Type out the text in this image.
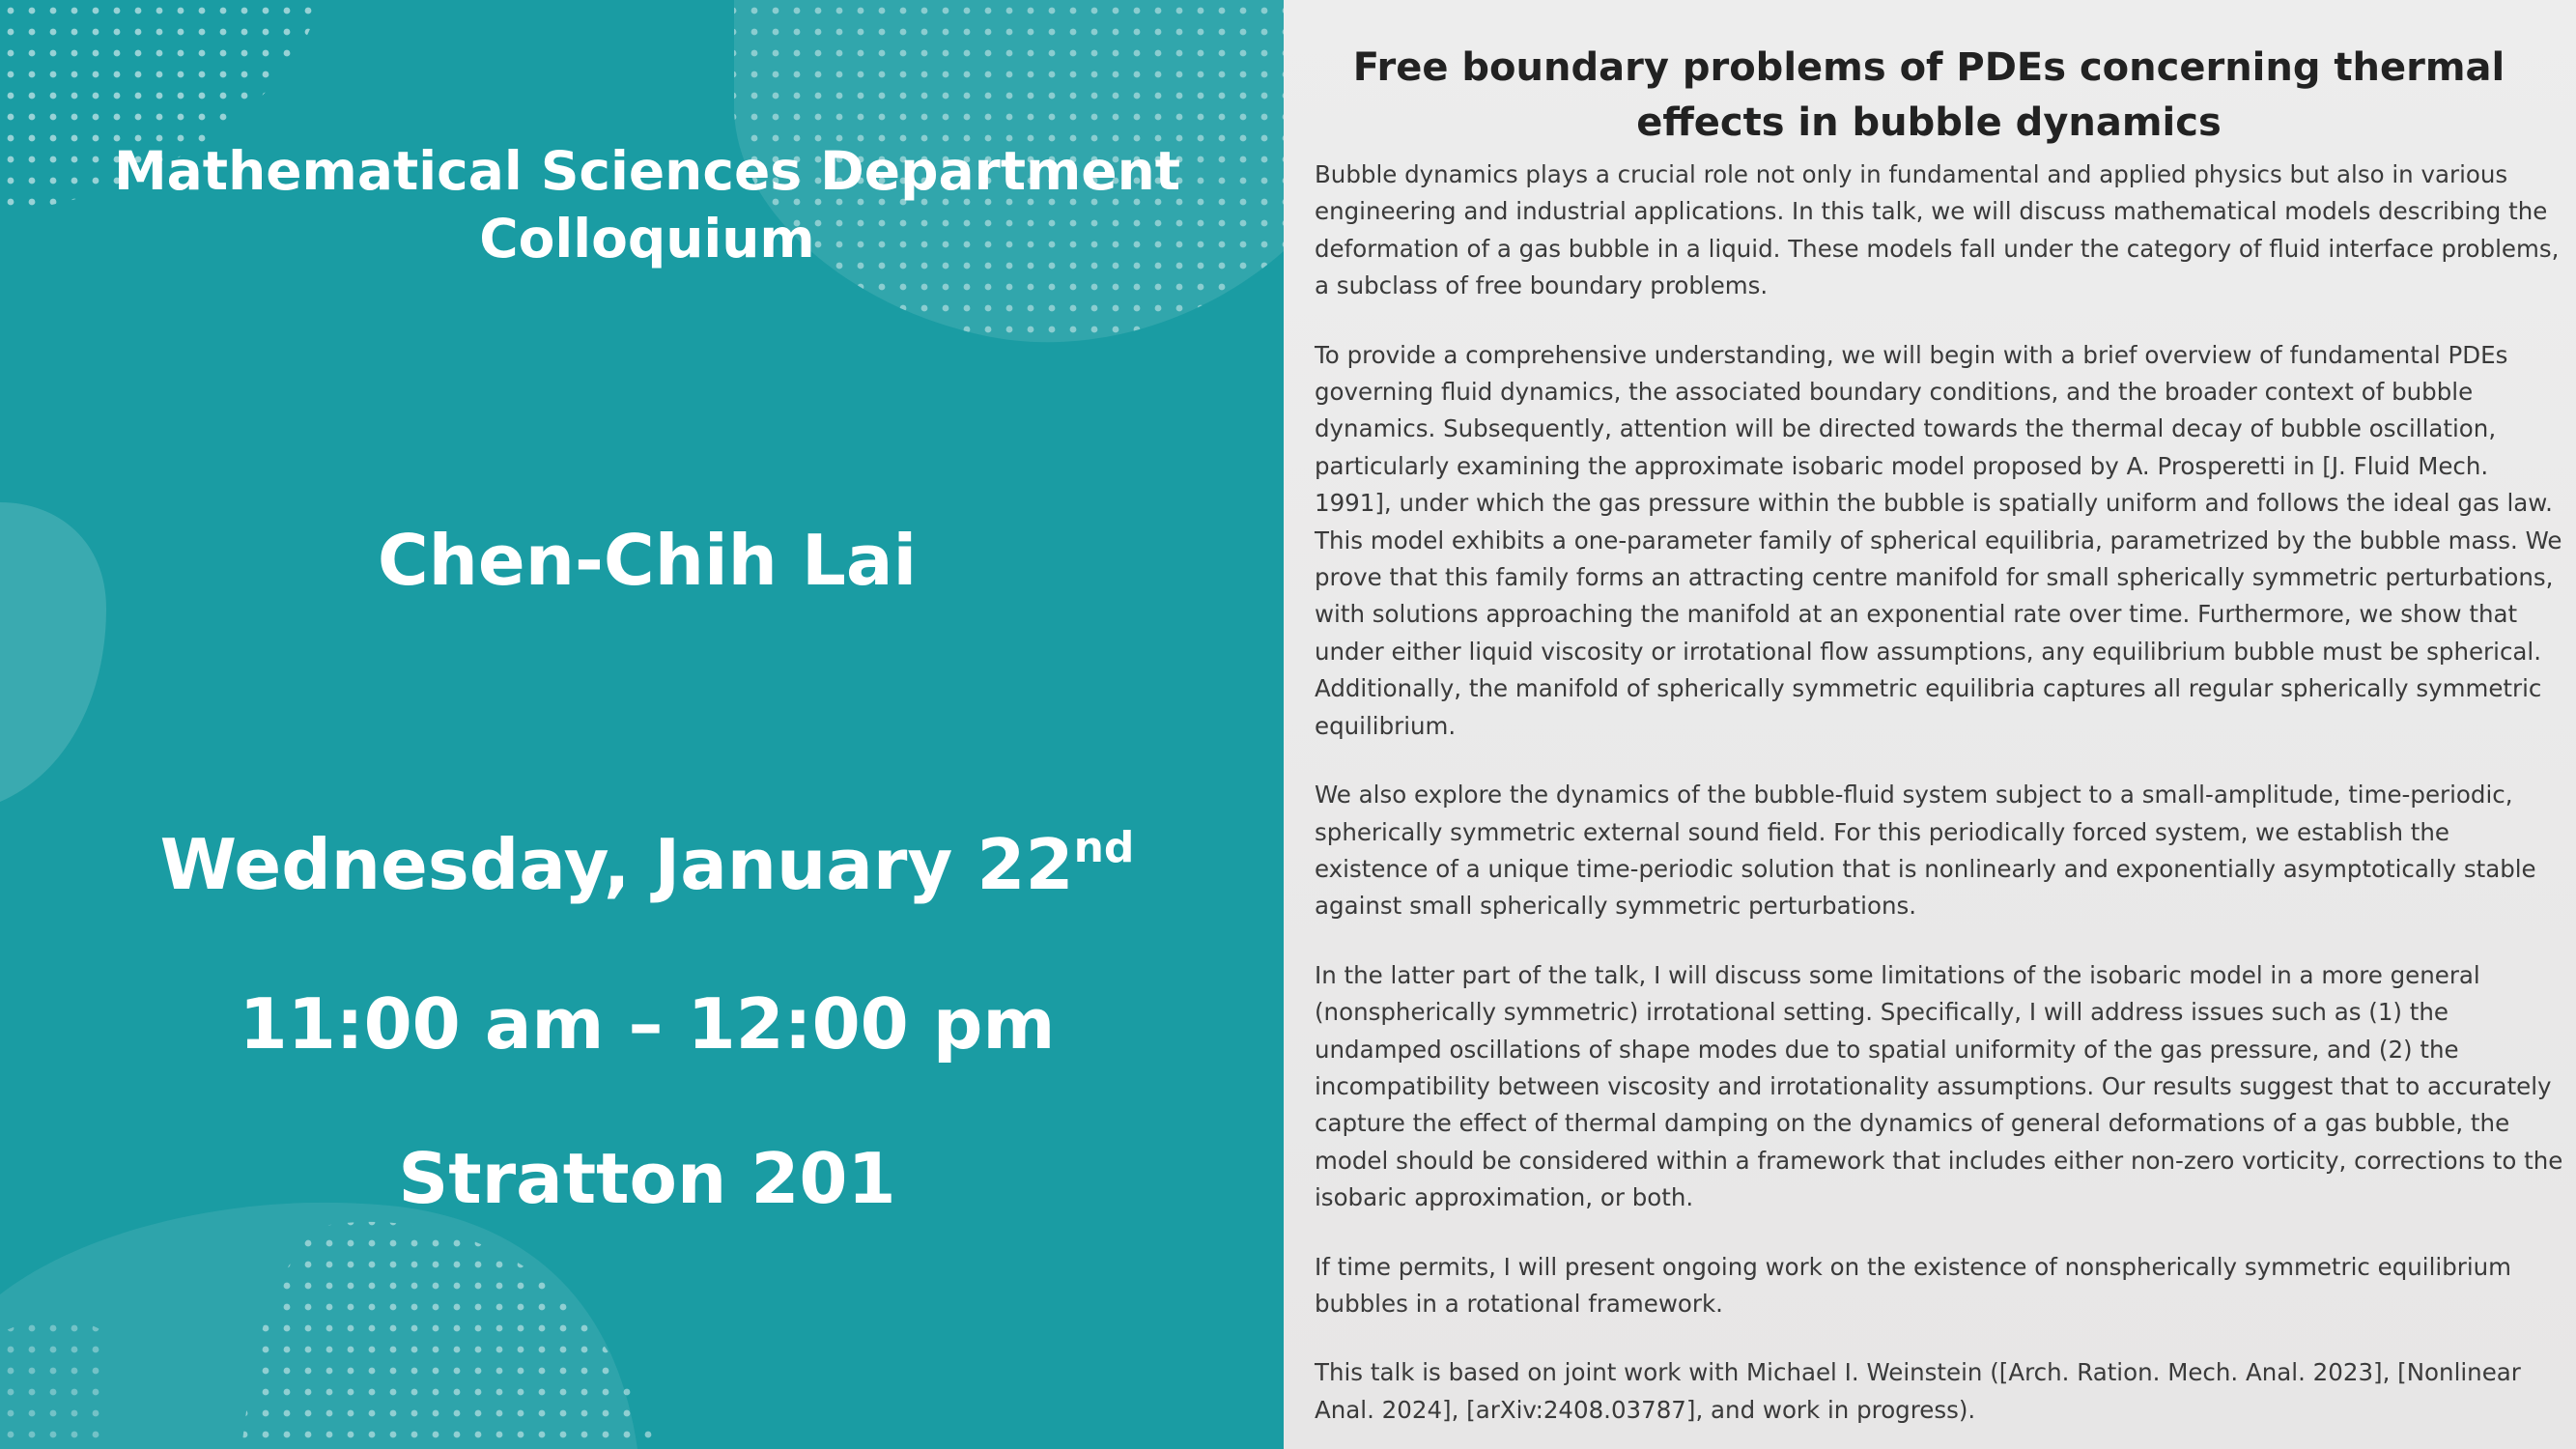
Mathematical Sciences Department Colloquium
Chen-Chih Lai
Wednesday, January 22nd
11:00 am – 12:00 pm
Stratton 201
Free boundary problems of PDEs concerning thermal effects in bubble dynamics

Bubble dynamics plays a crucial role not only in fundamental and applied physics but also in various engineering and industrial applications. In this talk, we will discuss mathematical models describing the deformation of a gas bubble in a liquid. These models fall under the category of fluid interface problems, a subclass of free boundary problems.

To provide a comprehensive understanding, we will begin with a brief overview of fundamental PDEs governing fluid dynamics, the associated boundary conditions, and the broader context of bubble dynamics. Subsequently, attention will be directed towards the thermal decay of bubble oscillation, particularly examining the approximate isobaric model proposed by A. Prosperetti in [J. Fluid Mech. 1991], under which the gas pressure within the bubble is spatially uniform and follows the ideal gas law. This model exhibits a one-parameter family of spherical equilibria, parametrized by the bubble mass. We prove that this family forms an attracting centre manifold for small spherically symmetric perturbations, with solutions approaching the manifold at an exponential rate over time. Furthermore, we show that under either liquid viscosity or irrotational flow assumptions, any equilibrium bubble must be spherical. Additionally, the manifold of spherically symmetric equilibria captures all regular spherically symmetric equilibrium.

We also explore the dynamics of the bubble-fluid system subject to a small-amplitude, time-periodic, spherically symmetric external sound field. For this periodically forced system, we establish the existence of a unique time-periodic solution that is nonlinearly and exponentially asymptotically stable against small spherically symmetric perturbations.

In the latter part of the talk, I will discuss some limitations of the isobaric model in a more general (nonspherically symmetric) irrotational setting. Specifically, I will address issues such as (1) the undamped oscillations of shape modes due to spatial uniformity of the gas pressure, and (2) the incompatibility between viscosity and irrotationality assumptions. Our results suggest that to accurately capture the effect of thermal damping on the dynamics of general deformations of a gas bubble, the model should be considered within a framework that includes either non-zero vorticity, corrections to the isobaric approximation, or both.

If time permits, I will present ongoing work on the existence of nonspherically symmetric equilibrium bubbles in a rotational framework.

This talk is based on joint work with Michael I. Weinstein ([Arch. Ration. Mech. Anal. 2023], [Nonlinear Anal. 2024], [arXiv:2408.03787], and work in progress).
